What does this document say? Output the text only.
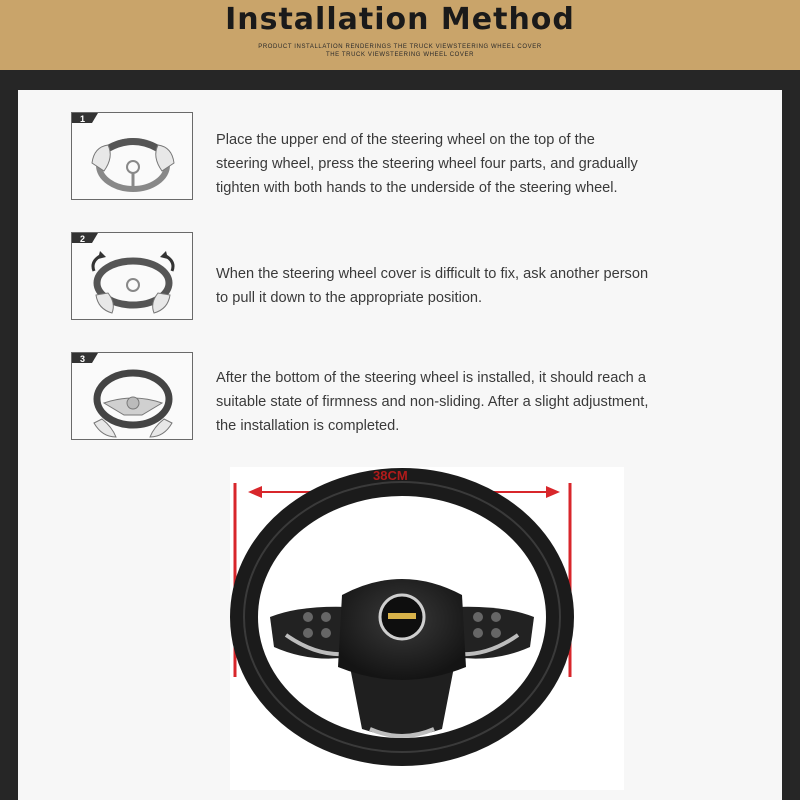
Installation Method
PRODUCT INSTALLATION RENDERINGS THE TRUCK VIEWSTEERING WHEEL COVER
THE TRUCK VIEWSTEERING WHEEL COVER
1
Place the upper end of the steering wheel on the top of the
steering wheel, press the steering wheel four parts, and gradually
tighten with both hands to the underside of the steering wheel.
2
When the steering wheel cover is difficult to fix, ask another person
to pull it down to the appropriate position.
3
After the bottom of the steering wheel is installed, it should reach a
suitable state of firmness and non-sliding. After a slight adjustment,
the installation is completed.
38CM
